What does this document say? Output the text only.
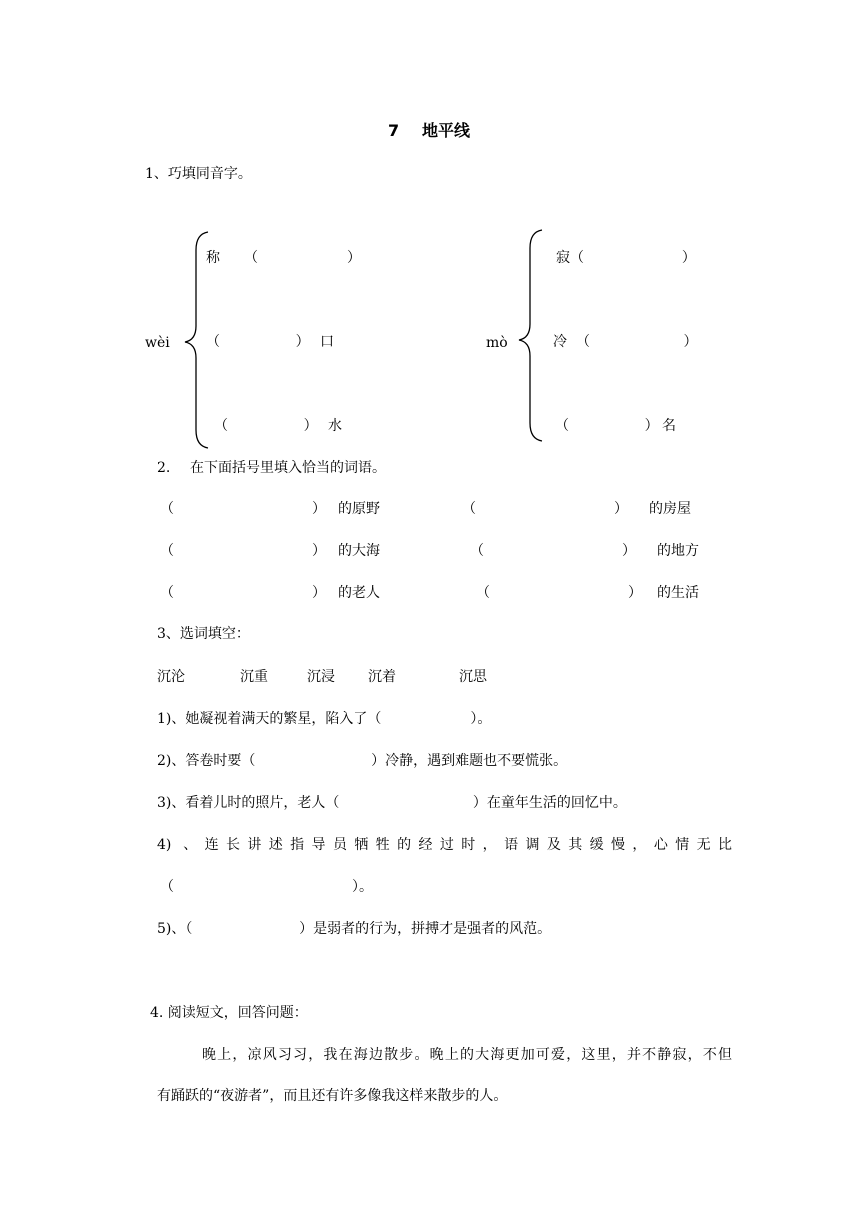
7 地平线
1、巧填同音字。
wèi
称 （                    ）
（                 ） 口
（                 ） 水
mò
寂 （                      ）
冷 （                     ）
（                 ） 名
2. 在下面括号里填入恰当的词语。
（                               ） 的原野	（                               ） 的房屋
（                               ） 的大海	（                               ） 的地方
（                               ） 的老人	（                               ） 的生活
3、选词填空：
沉沦	沉重	沉浸 沉着	沉思
1)、她凝视着满天的繁星，陷入了（                    ）。
2)、答卷时要（                          ）冷静，遇到难题也不要慌张。
3)、看着儿时的照片，老人（                              ）在童年生活的回忆中。
4) 、连长讲述指导员牺牲的经过时，语调及其缓慢，心情无比
（                                        ）。
5)、（                        ）是弱者的行为，拼搏才是强者的风范。
4. 阅读短文，回答问题：
晚上，凉风习习，我在海边散步。晚上的大海更加可爱，这里，并不静寂，不但
有踊跃的“夜游者”，而且还有许多像我这样来散步的人。
